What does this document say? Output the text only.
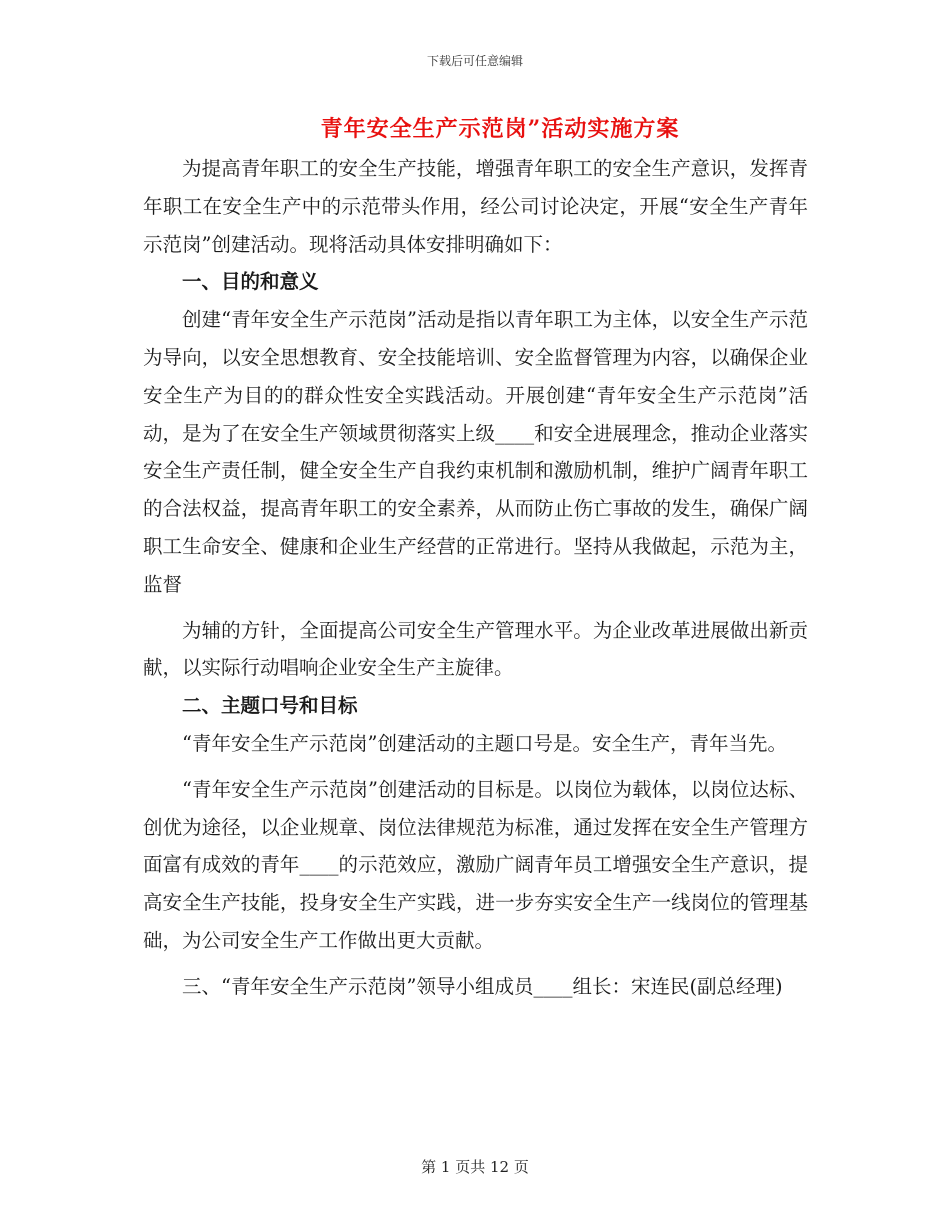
下载后可任意编辑
青年安全生产示范岗”活动实施方案

为提高青年职工的安全生产技能，增强青年职工的安全生产意识，发挥青年职工在安全生产中的示范带头作用，经公司讨论决定，开展“安全生产青年示范岗”创建活动。现将活动具体安排明确如下：

一、目的和意义

创建“青年安全生产示范岗”活动是指以青年职工为主体，以安全生产示范为导向，以安全思想教育、安全技能培训、安全监督管理为内容，以确保企业安全生产为目的的群众性安全实践活动。开展创建“青年安全生产示范岗”活动，是为了在安全生产领域贯彻落实上级____和安全进展理念，推动企业落实安全生产责任制，健全安全生产自我约束机制和激励机制，维护广阔青年职工的合法权益，提高青年职工的安全素养，从而防止伤亡事故的发生，确保广阔职工生命安全、健康和企业生产经营的正常进行。坚持从我做起，示范为主，监督

为辅的方针，全面提高公司安全生产管理水平。为企业改革进展做出新贡献，以实际行动唱响企业安全生产主旋律。

二、主题口号和目标

“青年安全生产示范岗”创建活动的主题口号是。安全生产，青年当先。

“青年安全生产示范岗”创建活动的目标是。以岗位为载体，以岗位达标、创优为途径，以企业规章、岗位法律规范为标准，通过发挥在安全生产管理方面富有成效的青年____的示范效应，激励广阔青年员工增强安全生产意识，提高安全生产技能，投身安全生产实践，进一步夯实安全生产一线岗位的管理基础，为公司安全生产工作做出更大贡献。

三、“青年安全生产示范岗”领导小组成员____组长：宋连民(副总经理)

第 1 页共 12 页
